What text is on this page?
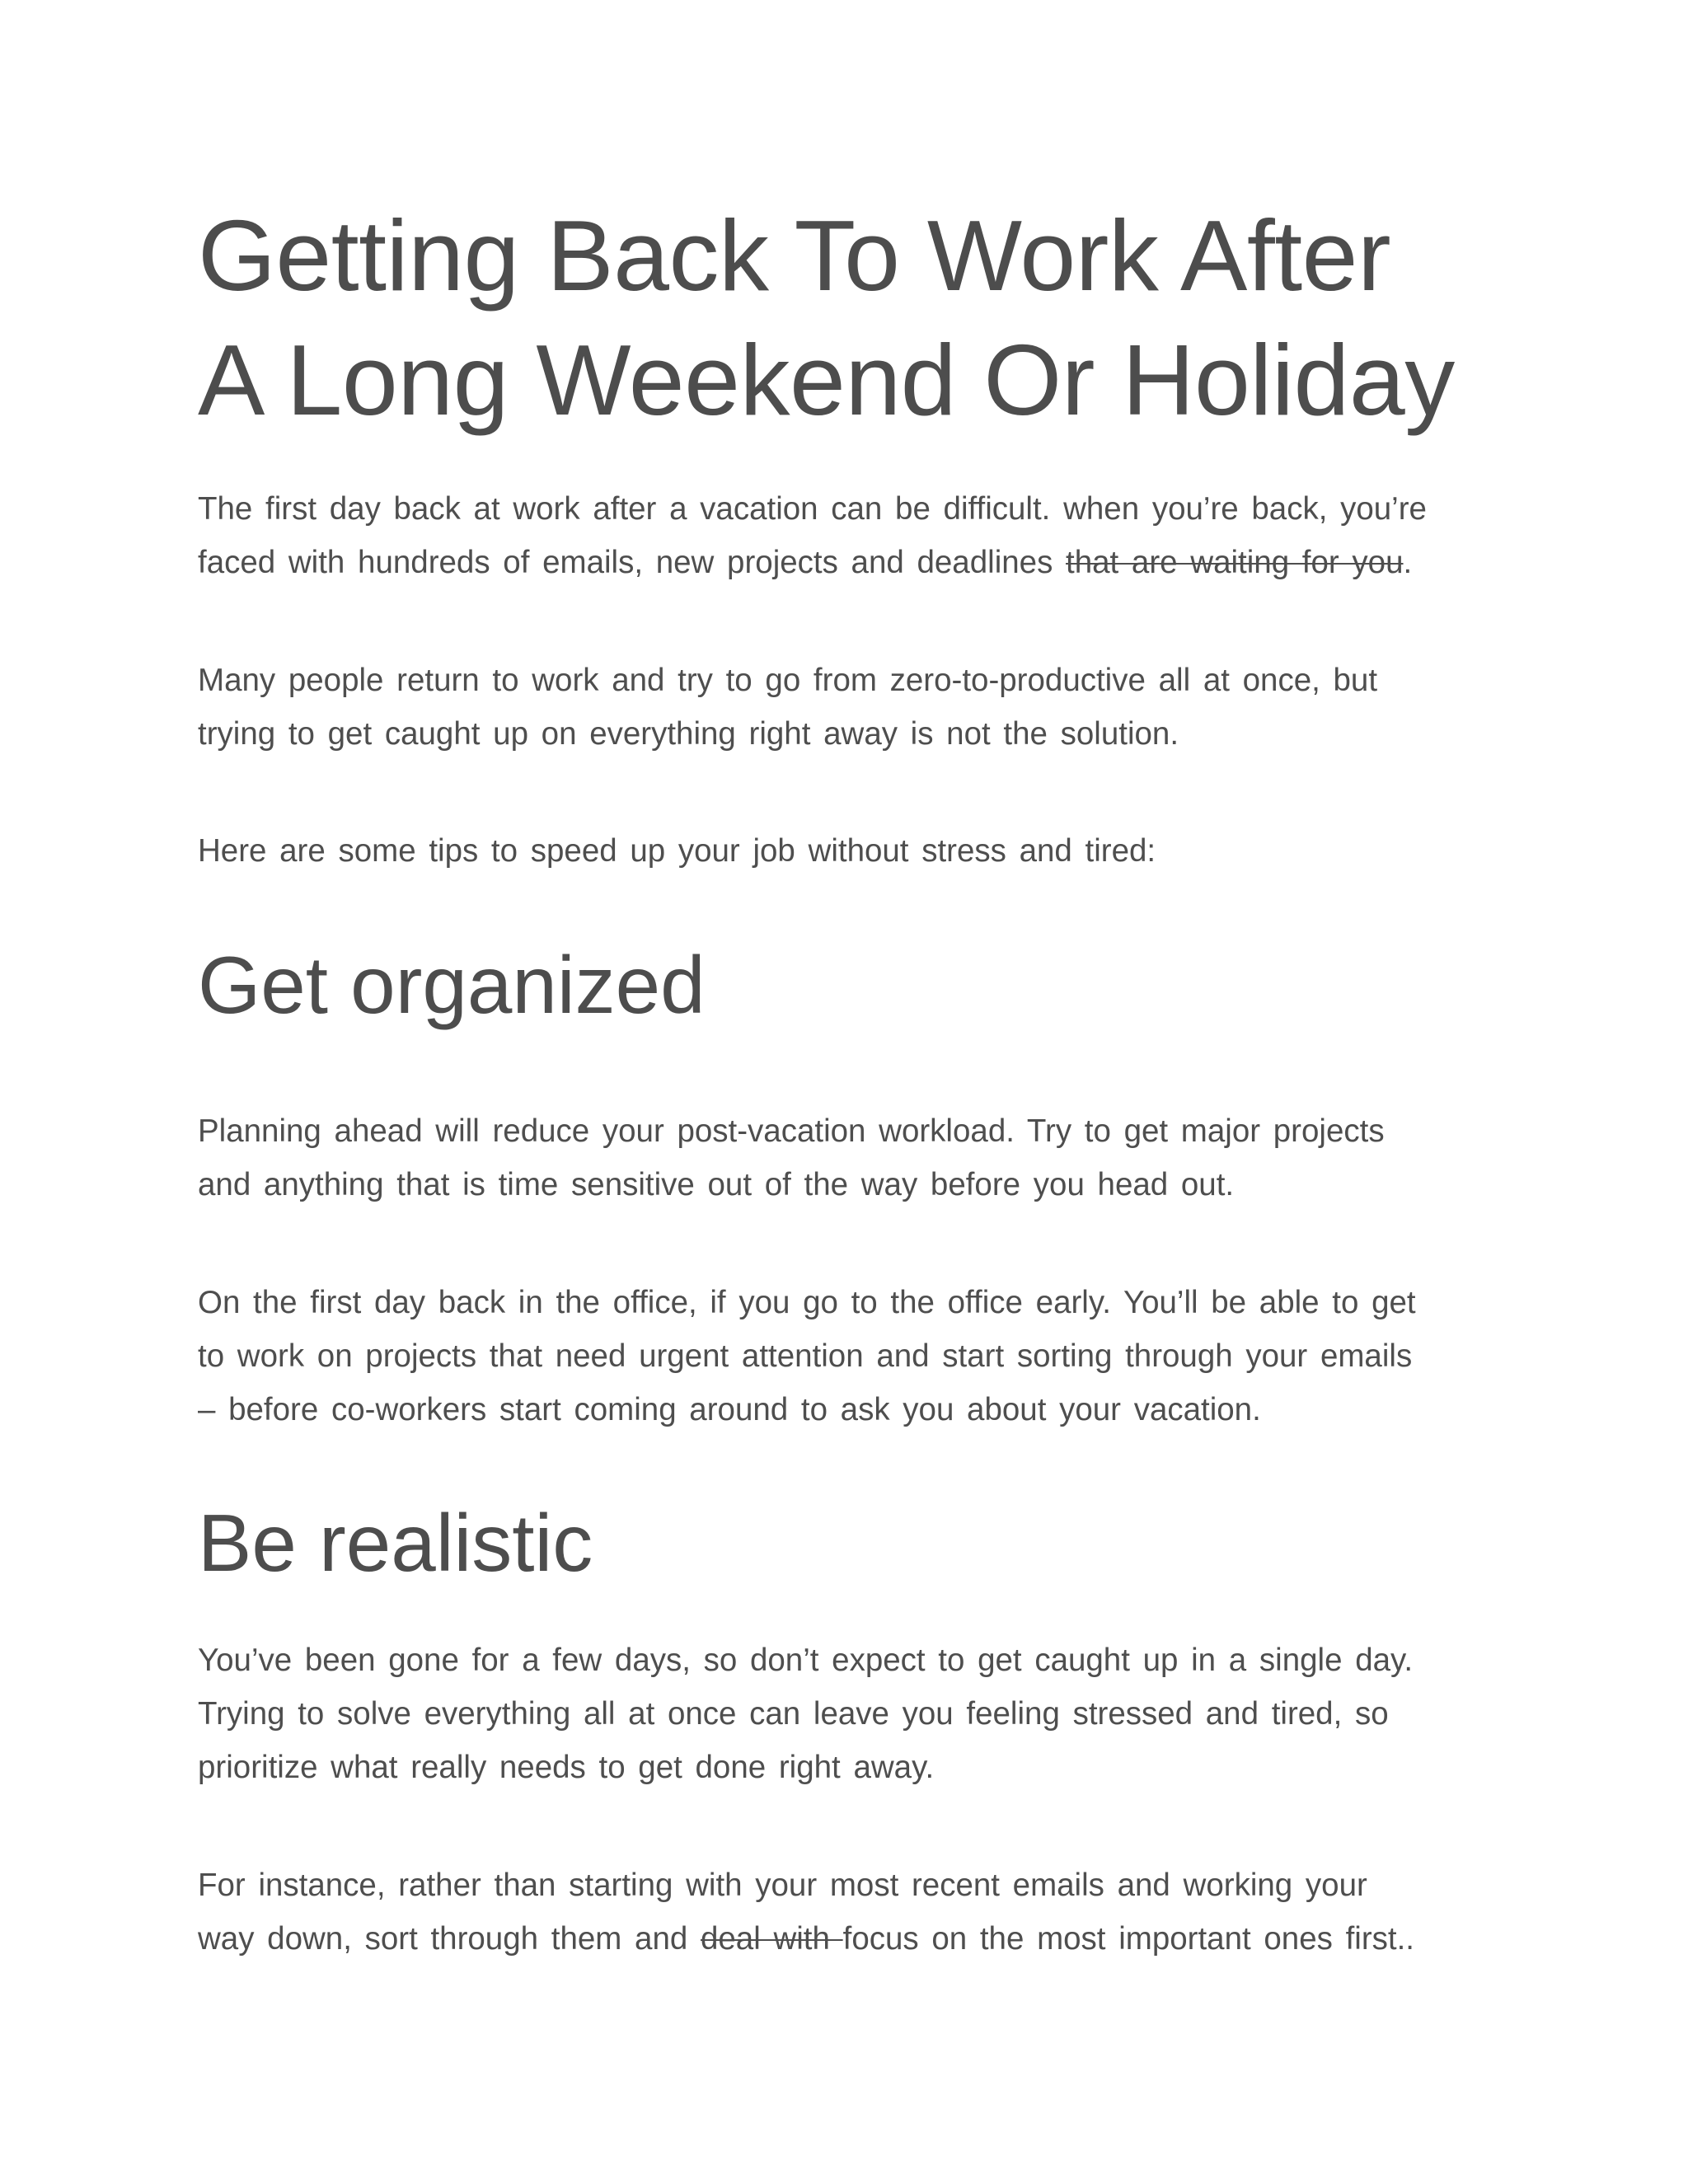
Getting Back To Work After
A Long Weekend Or Holiday

The first day back at work after a vacation can be difficult. when you’re back, you’re
faced with hundreds of emails, new projects and deadlines that are waiting for you.

Many people return to work and try to go from zero-to-productive all at once, but
trying to get caught up on everything right away is not the solution.

Here are some tips to speed up your job without stress and tired:

Get organized

Planning ahead will reduce your post-vacation workload. Try to get major projects
and anything that is time sensitive out of the way before you head out.

On the first day back in the office, if you go to the office early. You’ll be able to get
to work on projects that need urgent attention and start sorting through your emails
– before co-workers start coming around to ask you about your vacation.

Be realistic

You’ve been gone for a few days, so don’t expect to get caught up in a single day.
Trying to solve everything all at once can leave you feeling stressed and tired, so
prioritize what really needs to get done right away.

For instance, rather than starting with your most recent emails and working your
way down, sort through them and deal with focus on the most important ones first..
